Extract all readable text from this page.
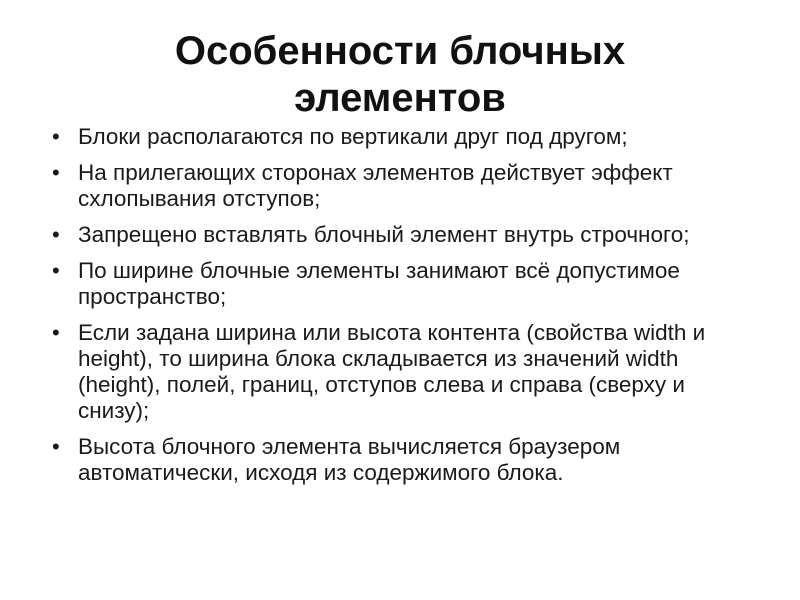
Особенности блочных элементов
• Блоки располагаются по вертикали друг под другом;
• На прилегающих сторонах элементов действует эффект схлопывания отступов;
• Запрещено вставлять блочный элемент внутрь строчного;
• По ширине блочные элементы занимают всё допустимое пространство;
• Если задана ширина или высота контента (свойства width и height), то ширина блока складывается из значений width (height), полей, границ, отступов слева и справа (сверху и снизу);
• Высота блочного элемента вычисляется браузером автоматически, исходя из содержимого блока.
